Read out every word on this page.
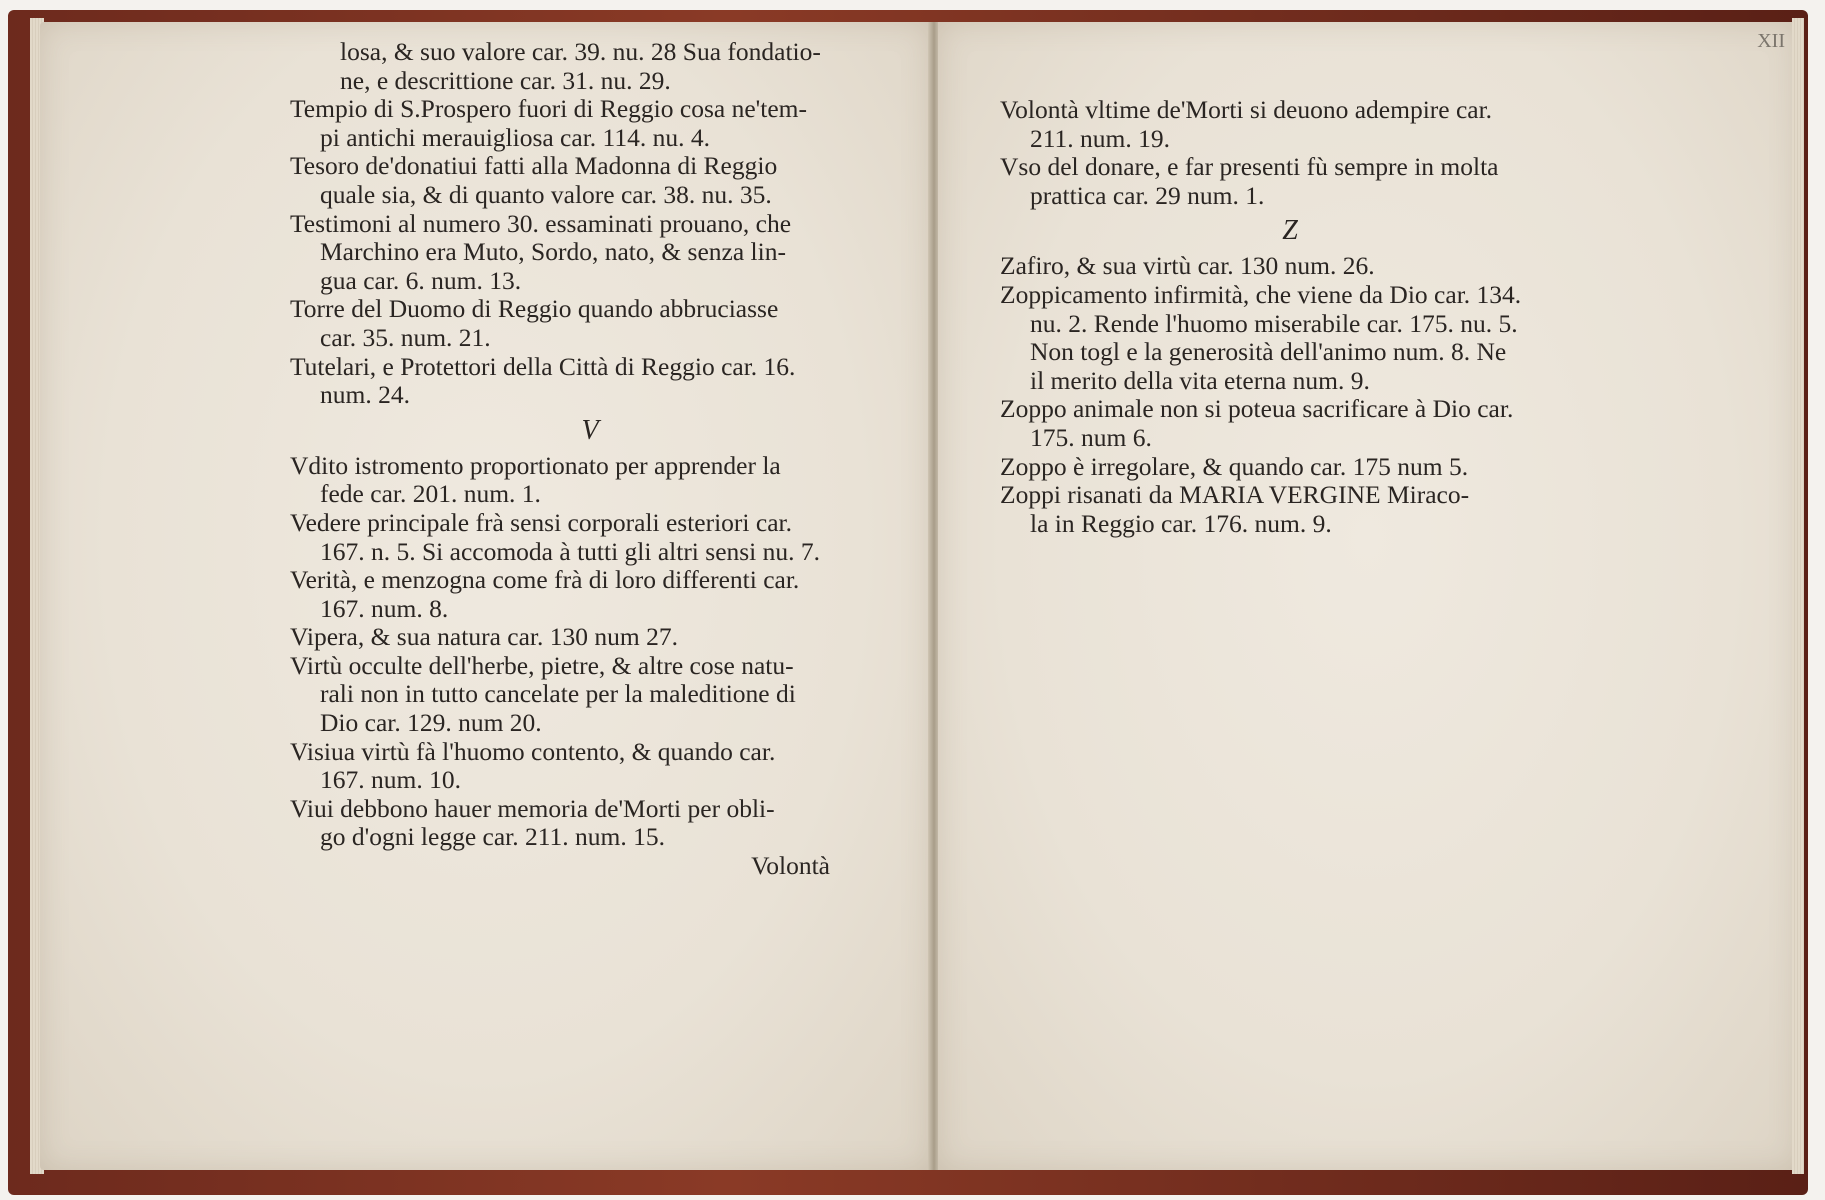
losa, & suo valore car. 39. nu. 28 Sua fondatio-
ne, e descrittione car. 31. nu. 29.
Tempio di S.Prospero fuori di Reggio cosa ne'tem-
pi antichi merauigliosa car. 114. nu. 4.
Tesoro de'donatiui fatti alla Madonna di Reggio
quale sia, & di quanto valore car. 38. nu. 35.
Testimoni al numero 30. essaminati prouano, che
Marchino era Muto, Sordo, nato, & senza lin-
gua car. 6. num. 13.
Torre del Duomo di Reggio quando abbruciasse
car. 35. num. 21.
Tutelari, e Protettori della Città di Reggio car. 16.
num. 24.
V
Vdito istromento proportionato per apprender la
fede car. 201. num. 1.
Vedere principale frà sensi corporali esteriori car.
167. n. 5. Si accomoda à tutti gli altri sensi nu. 7.
Verità, e menzogna come frà di loro differenti car.
167. num. 8.
Vipera, & sua natura car. 130 num 27.
Virtù occulte dell'herbe, pietre, & altre cose natu-
rali non in tutto cancelate per la maleditione di
Dio car. 129. num 20.
Visiua virtù fà l'huomo contento, & quando car.
167. num. 10.
Viui debbono hauer memoria de'Morti per obli-
go d'ogni legge car. 211. num. 15.
Volontà
XII
Volontà vltime de'Morti si deuono adempire car.
211. num. 19.
Vso del donare, e far presenti fù sempre in molta
prattica car. 29 num. 1.
Z
Zafiro, & sua virtù car. 130 num. 26.
Zoppicamento infirmità, che viene da Dio car. 134.
nu. 2. Rende l'huomo miserabile car. 175. nu. 5.
Non togl e la generosità dell'animo num. 8. Ne
il merito della vita eterna num. 9.
Zoppo animale non si poteua sacrificare à Dio car.
175. num 6.
Zoppo è irregolare, & quando car. 175 num 5.
Zoppi risanati da MARIA VERGINE Miraco-
la in Reggio car. 176. num. 9.
